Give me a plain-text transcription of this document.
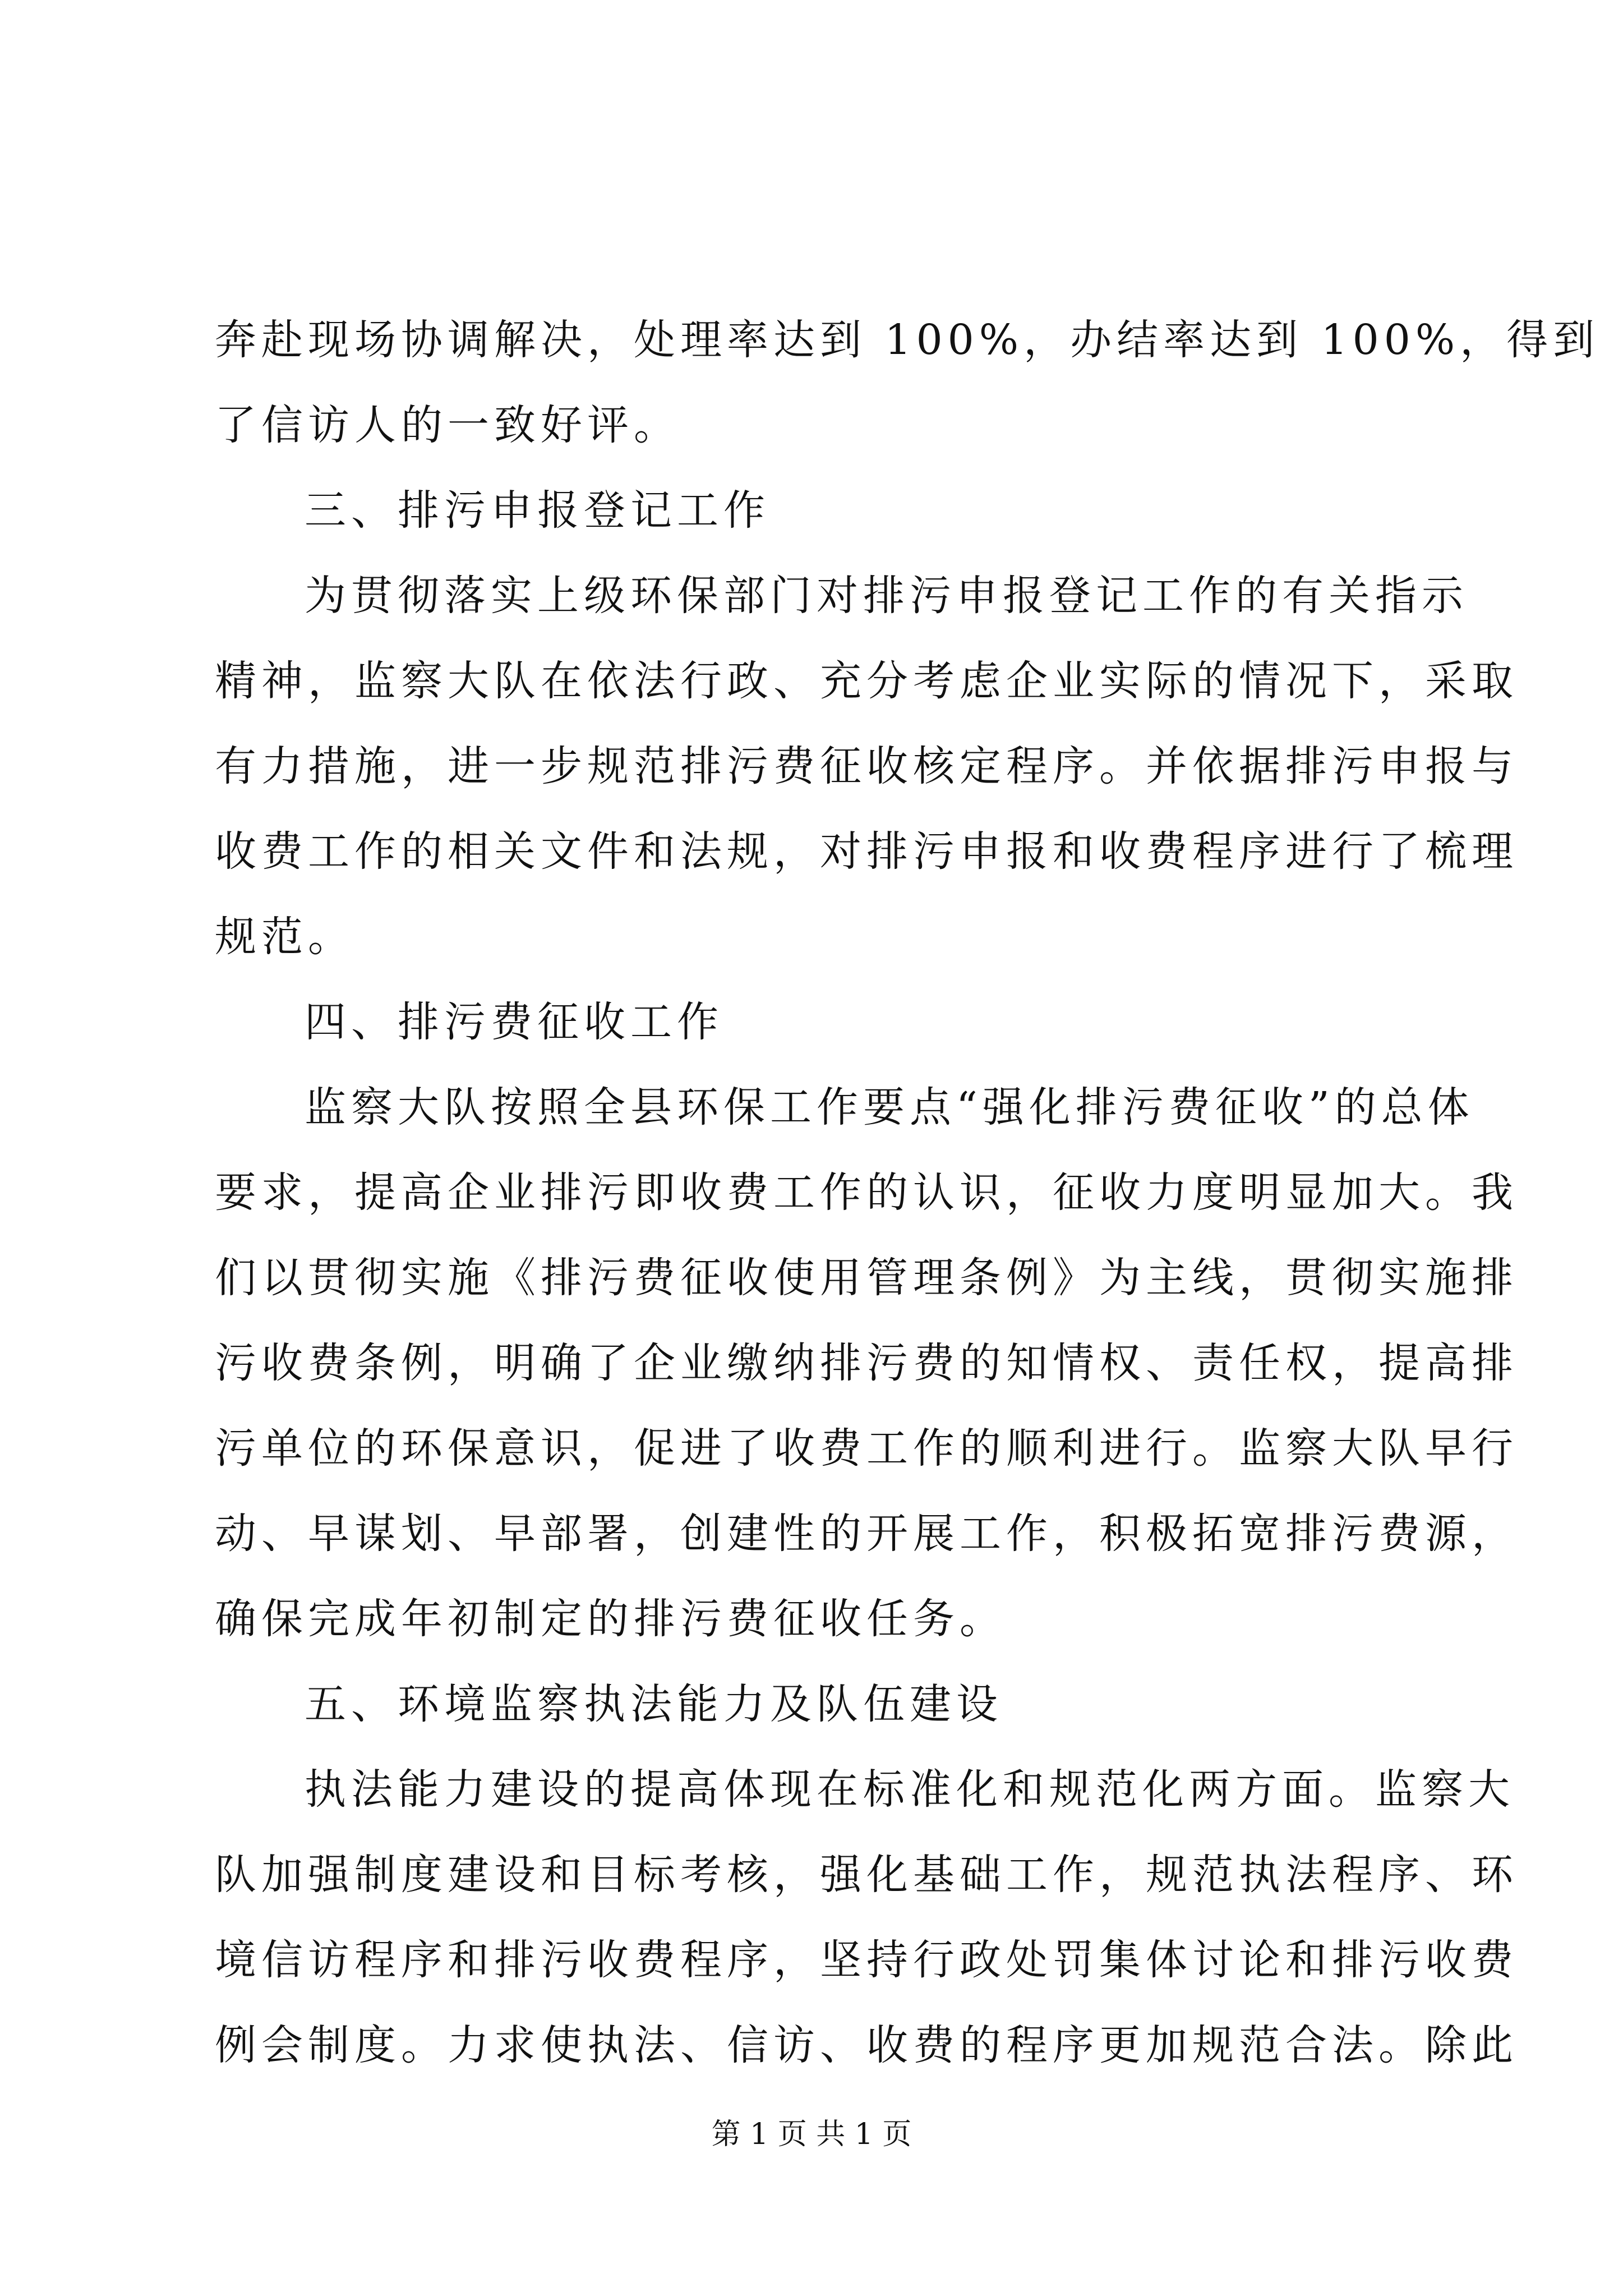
奔赴现场协调解决，处理率达到 100%，办结率达到 100%，得到
了信访人的一致好评。
三、排污申报登记工作
为贯彻落实上级环保部门对排污申报登记工作的有关指示
精神，监察大队在依法行政、充分考虑企业实际的情况下，采取
有力措施，进一步规范排污费征收核定程序。并依据排污申报与
收费工作的相关文件和法规，对排污申报和收费程序进行了梳理
规范。
四、排污费征收工作
监察大队按照全县环保工作要点“强化排污费征收”的总体
要求，提高企业排污即收费工作的认识，征收力度明显加大。我
们以贯彻实施《排污费征收使用管理条例》为主线，贯彻实施排
污收费条例，明确了企业缴纳排污费的知情权、责任权，提高排
污单位的环保意识，促进了收费工作的顺利进行。监察大队早行
动、早谋划、早部署，创建性的开展工作，积极拓宽排污费源，
确保完成年初制定的排污费征收任务。
五、环境监察执法能力及队伍建设
执法能力建设的提高体现在标准化和规范化两方面。监察大
队加强制度建设和目标考核，强化基础工作，规范执法程序、环
境信访程序和排污收费程序，坚持行政处罚集体讨论和排污收费
例会制度。力求使执法、信访、收费的程序更加规范合法。除此
第 1 页 共 1 页
